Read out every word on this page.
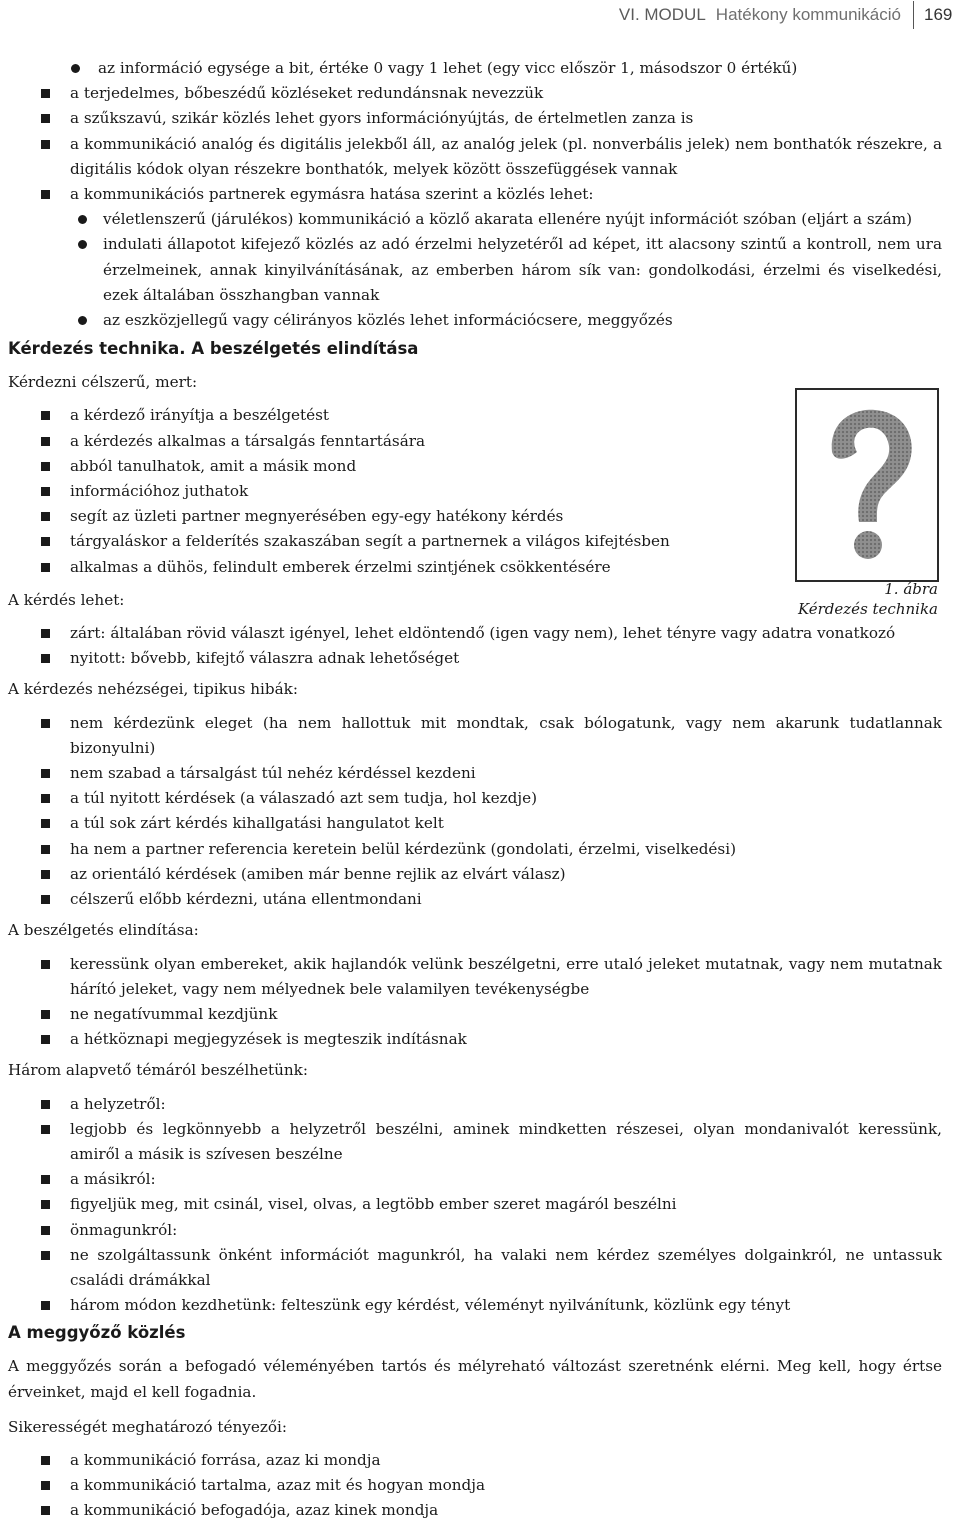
VI. MODUL Hatékony kommunikáció 169
az információ egysége a bit, értéke 0 vagy 1 lehet (egy vicc először 1, másodszor 0 értékű)
a terjedelmes, bőbeszédű közléseket redundánsnak nevezzük
a szűkszavú, szikár közlés lehet gyors információnyújtás, de értelmetlen zanza is
a kommunikáció analóg és digitális jelekből áll, az analóg jelek (pl. nonverbális jelek) nem bonthatók részekre, a digitális kódok olyan részekre bonthatók, melyek között összefüggések vannak
a kommunikációs partnerek egymásra hatása szerint a közlés lehet:
véletlenszerű (járulékos) kommunikáció a közlő akarata ellenére nyújt információt szóban (eljárt a szám)
indulati állapotot kifejező közlés az adó érzelmi helyzetéről ad képet, itt alacsony szintű a kontroll, nem ura érzelmeinek, annak kinyilvánításának, az emberben három sík van: gondolkodási, érzelmi és viselkedési, ezek általában összhangban vannak
az eszközjellegű vagy célirányos közlés lehet információcsere, meggyőzés
Kérdezés technika. A beszélgetés elindítása
Kérdezni célszerű, mert:
a kérdező irányítja a beszélgetést
a kérdezés alkalmas a társalgás fenntartására
abból tanulhatok, amit a másik mond
információhoz juthatok
segít az üzleti partner megnyerésében egy-egy hatékony kérdés
tárgyaláskor a felderítés szakaszában segít a partnernek a világos kifejtésben
alkalmas a dühös, felindult emberek érzelmi szintjének csökkentésére
A kérdés lehet:
zárt: általában rövid választ igényel, lehet eldöntendő (igen vagy nem), lehet tényre vagy adatra vonatkozó
nyitott: bővebb, kifejtő válaszra adnak lehetőséget
A kérdezés nehézségei, tipikus hibák:
nem kérdezünk eleget (ha nem hallottuk mit mondtak, csak bólogatunk, vagy nem akarunk tudatlannak bizonyulni)
nem szabad a társalgást túl nehéz kérdéssel kezdeni
a túl nyitott kérdések (a válaszadó azt sem tudja, hol kezdje)
a túl sok zárt kérdés kihallgatási hangulatot kelt
ha nem a partner referencia keretein belül kérdezünk (gondolati, érzelmi, viselkedési)
az orientáló kérdések (amiben már benne rejlik az elvárt válasz)
célszerű előbb kérdezni, utána ellentmondani
A beszélgetés elindítása:
keressünk olyan embereket, akik hajlandók velünk beszélgetni, erre utaló jeleket mutatnak, vagy nem mutatnak hárító jeleket, vagy nem mélyednek bele valamilyen tevékenységbe
ne negatívummal kezdjünk
a hétköznapi megjegyzések is megteszik indításnak
Három alapvető témáról beszélhetünk:
a helyzetről:
legjobb és legkönnyebb a helyzetről beszélni, aminek mindketten részesei, olyan mondanivalót keressünk, amiről a másik is szívesen beszélne
a másikról:
figyeljük meg, mit csinál, visel, olvas, a legtöbb ember szeret magáról beszélni
önmagunkról:
ne szolgáltassunk önként információt magunkról, ha valaki nem kérdez személyes dolgainkról, ne untassuk családi drámákkal
három módon kezdhetünk: felteszünk egy kérdést, véleményt nyilvánítunk, közlünk egy tényt
A meggyőző közlés
A meggyőzés során a befogadó véleményében tartós és mélyreható változást szeretnénk elérni. Meg kell, hogy értse érveinket, majd el kell fogadnia.
Sikerességét meghatározó tényezői:
a kommunikáció forrása, azaz ki mondja
a kommunikáció tartalma, azaz mit és hogyan mondja
a kommunikáció befogadója, azaz kinek mondja
1. ábra
Kérdezés technika
